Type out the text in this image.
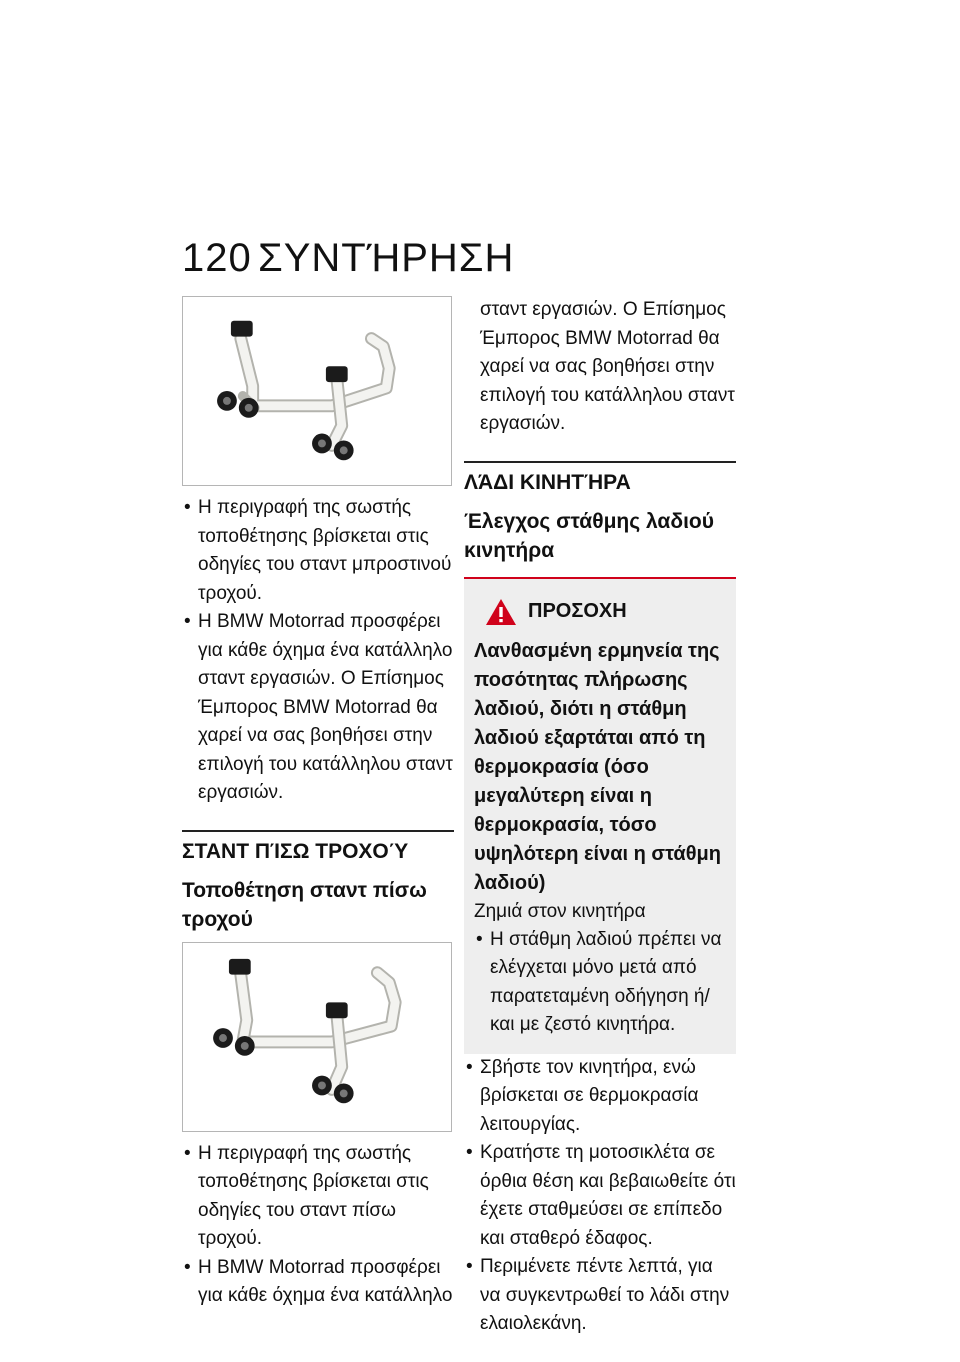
120 ΣΥΝΤΉΡΗΣΗ
• Η περιγραφή της σωστής τοποθέτησης βρίσκεται στις οδηγίες του σταντ μπροστινού τροχού.
• Η BMW Motorrad προσφέρει για κάθε όχημα ένα κατάλληλο σταντ εργασιών. Ο Επίσημος Έμπορος BMW Motorrad θα χαρεί να σας βοηθήσει στην επιλογή του κατάλληλου σταντ εργασιών.
ΣΤΑΝΤ ΠΊΣΩ ΤΡΟΧΟΎ
Τοποθέτηση σταντ πίσω τροχού
• Η περιγραφή της σωστής τοποθέτησης βρίσκεται στις οδηγίες του σταντ πίσω τροχού.
• Η BMW Motorrad προσφέρει για κάθε όχημα ένα κατάλληλο
σταντ εργασιών. Ο Επίσημος Έμπορος BMW Motorrad θα χαρεί να σας βοηθήσει στην επιλογή του κατάλληλου σταντ εργασιών.
ΛΆΔΙ ΚΙΝΗΤΉΡΑ
Έλεγχος στάθμης λαδιού κινητήρα
ΠΡΟΣΟΧΗ
Λανθασμένη ερμηνεία της ποσότητας πλήρωσης λαδιού, διότι η στάθμη λαδιού εξαρτάται από τη θερμοκρασία (όσο μεγαλύτερη είναι η θερμοκρασία, τόσο υψηλότερη είναι η στάθμη λαδιού)
Ζημιά στον κινητήρα
• Η στάθμη λαδιού πρέπει να ελέγχεται μόνο μετά από παρατεταμένη οδήγηση ή/και με ζεστό κινητήρα.
• Σβήστε τον κινητήρα, ενώ βρίσκεται σε θερμοκρασία λειτουργίας.
• Κρατήστε τη μοτοσικλέτα σε όρθια θέση και βεβαιωθείτε ότι έχετε σταθμεύσει σε επίπεδο και σταθερό έδαφος.
• Περιμένετε πέντε λεπτά, για να συγκεντρωθεί το λάδι στην ελαιολεκάνη.
